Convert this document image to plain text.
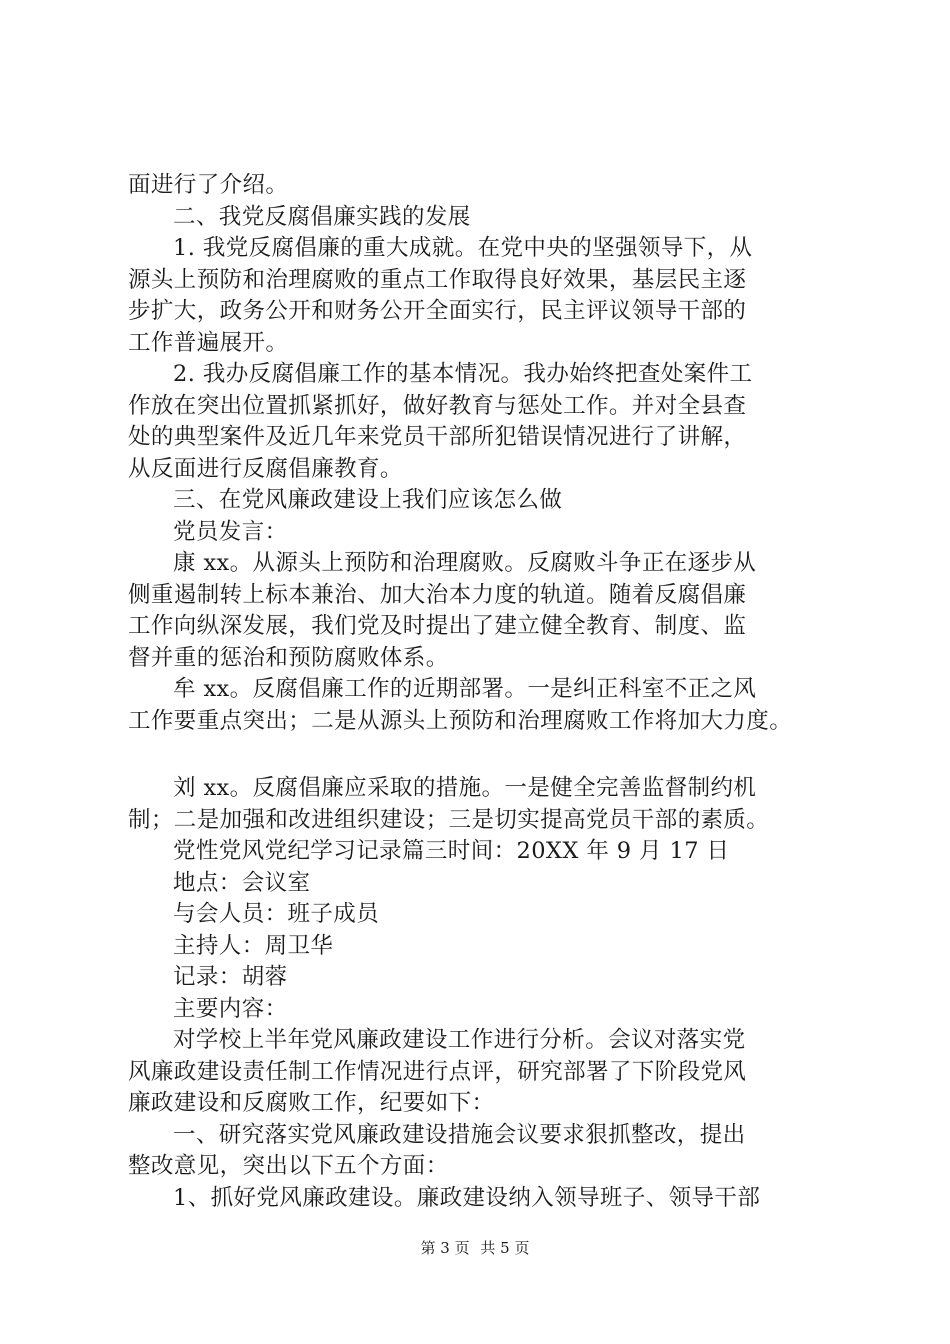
面进行了介绍。
二、我党反腐倡廉实践的发展
1. 我党反腐倡廉的重大成就。在党中央的坚强领导下，从
源头上预防和治理腐败的重点工作取得良好效果，基层民主逐
步扩大，政务公开和财务公开全面实行，民主评议领导干部的
工作普遍展开。
2. 我办反腐倡廉工作的基本情况。我办始终把查处案件工
作放在突出位置抓紧抓好，做好教育与惩处工作。并对全县查
处的典型案件及近几年来党员干部所犯错误情况进行了讲解，
从反面进行反腐倡廉教育。
三、在党风廉政建设上我们应该怎么做
党员发言：
康 xx。从源头上预防和治理腐败。反腐败斗争正在逐步从
侧重遏制转上标本兼治、加大治本力度的轨道。随着反腐倡廉
工作向纵深发展，我们党及时提出了建立健全教育、制度、监
督并重的惩治和预防腐败体系。
牟 xx。反腐倡廉工作的近期部署。一是纠正科室不正之风
工作要重点突出；二是从源头上预防和治理腐败工作将加大力度。
刘 xx。反腐倡廉应采取的措施。一是健全完善监督制约机
制；二是加强和改进组织建设；三是切实提高党员干部的素质。
党性党风党纪学习记录篇三时间：20XX 年 9 月 17 日
地点：会议室
与会人员：班子成员
主持人：周卫华
记录：胡蓉
主要内容：
对学校上半年党风廉政建设工作进行分析。会议对落实党
风廉政建设责任制工作情况进行点评，研究部署了下阶段党风
廉政建设和反腐败工作，纪要如下：
一、研究落实党风廉政建设措施会议要求狠抓整改，提出
整改意见，突出以下五个方面：
1、抓好党风廉政建设。廉政建设纳入领导班子、领导干部
第 3 页 共 5 页
